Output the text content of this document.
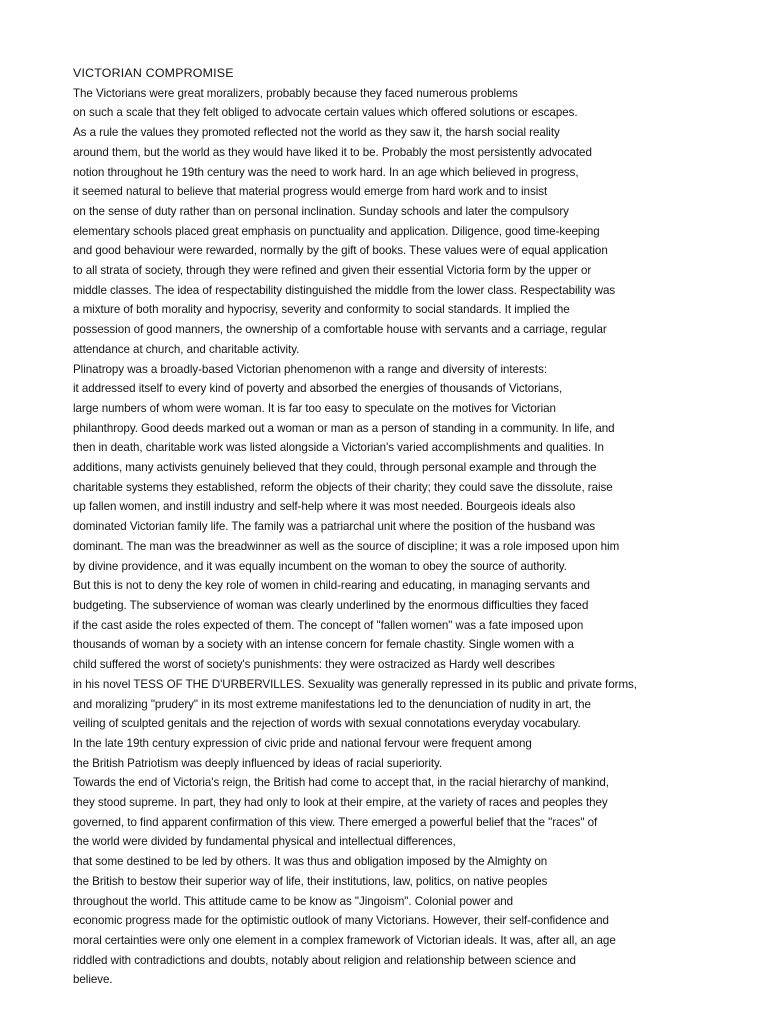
VICTORIAN COMPROMISE
The Victorians were great moralizers, probably because they faced numerous problems
on such a scale that they felt obliged to advocate certain values which offered solutions or escapes.
As a rule the values they promoted reflected not the world as they saw it, the harsh social reality
around them, but the world as they would have liked it to be. Probably the most persistently advocated
notion throughout he 19th century was the need to work hard. In an age which believed in progress,
it seemed natural to believe that material progress would emerge from hard work and to insist
on the sense of duty rather than on personal inclination. Sunday schools and later the compulsory
elementary schools placed great emphasis on punctuality and application. Diligence, good time-keeping
and good behaviour were rewarded, normally by the gift of books. These values were of equal application
to all strata of society, through they were refined and given their essential Victoria form by the upper or
middle classes. The idea of respectability distinguished the middle from the lower class. Respectability was
a mixture of both morality and hypocrisy, severity and conformity to social standards. It implied the
possession of good manners, the ownership of a comfortable house with servants and a carriage, regular
attendance at church, and charitable activity.
Plinatropy was a broadly-based Victorian phenomenon with a range and diversity of interests:
it addressed itself to every kind of poverty and absorbed the energies of thousands of Victorians,
large numbers of whom were woman. It is far too easy to speculate on the motives for Victorian
philanthropy. Good deeds marked out a woman or man as a person of standing in a community. In life, and
then in death, charitable work was listed alongside a Victorian's varied accomplishments and qualities. In
additions, many activists genuinely believed that they could, through personal example and through the
charitable systems they established, reform the objects of their charity; they could save the dissolute, raise
up fallen women, and instill industry and self-help where it was most needed. Bourgeois ideals also
dominated Victorian family life. The family was a patriarchal unit where the position of the husband was
dominant. The man was the breadwinner as well as the source of discipline; it was a role imposed upon him
by divine providence, and it was equally incumbent on the woman to obey the source of authority.
But this is not to deny the key role of women in child-rearing and educating, in managing servants and
budgeting. The subservience of woman was clearly underlined by the enormous difficulties they faced
if the cast aside the roles expected of them. The concept of "fallen women" was a fate imposed upon
thousands of woman by a society with an intense concern for female chastity. Single women with a
child suffered the worst of society's punishments: they were ostracized as Hardy well describes
in his novel TESS OF THE D'URBERVILLES. Sexuality was generally repressed in its public and private forms,
and moralizing "prudery" in its most extreme manifestations led to the denunciation of nudity in art, the
veiling of sculpted genitals and the rejection of words with sexual connotations everyday vocabulary.
In the late 19th century expression of civic pride and national fervour were frequent among
the British Patriotism was deeply influenced by ideas of racial superiority.
Towards the end of Victoria's reign, the British had come to accept that, in the racial hierarchy of mankind,
they stood supreme. In part, they had only to look at their empire, at the variety of races and peoples they
governed, to find apparent confirmation of this view. There emerged a powerful belief that the "races" of
the world were divided by fundamental physical and intellectual differences,
that some destined to be led by others. It was thus and obligation imposed by the Almighty on
the British to bestow their superior way of life, their institutions, law, politics, on native peoples
throughout the world. This attitude came to be know as "Jingoism". Colonial power and
economic progress made for the optimistic outlook of many Victorians. However, their self-confidence and
moral certainties were only one element in a complex framework of Victorian ideals. It was, after all, an age
riddled with contradictions and doubts, notably about religion and relationship between science and
believe.
